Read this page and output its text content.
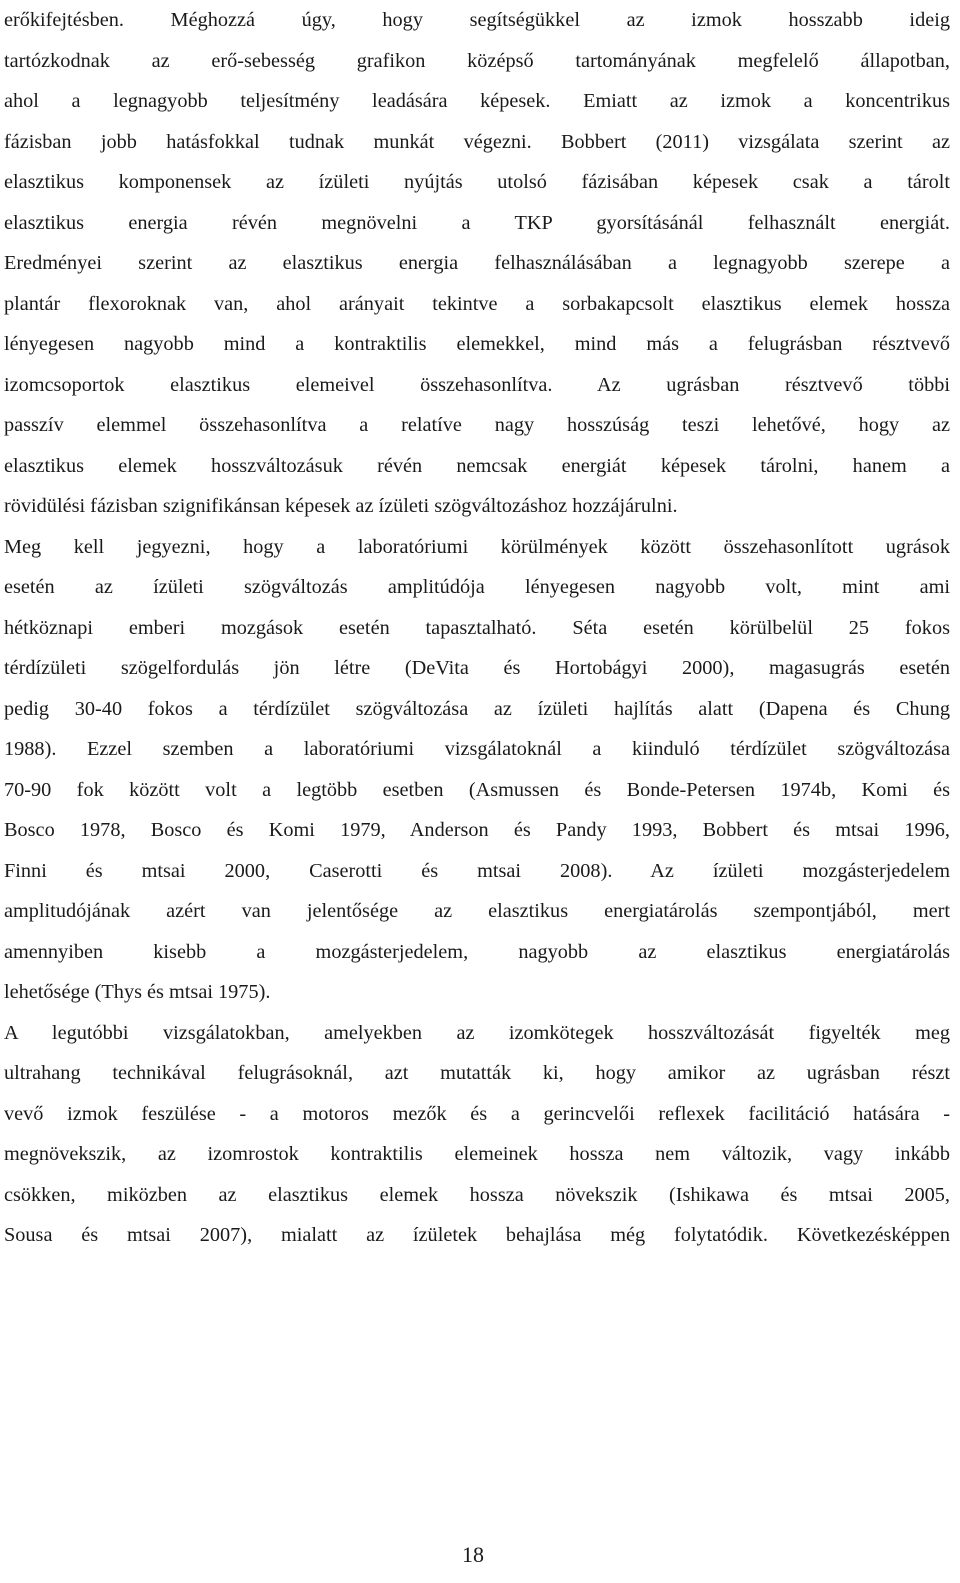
erőkifejtésben. Méghozzá úgy, hogy segítségükkel az izmok hosszabb ideig
tartózkodnak az erő-sebesség grafikon középső tartományának megfelelő állapotban,
ahol a legnagyobb teljesítmény leadására képesek. Emiatt az izmok a koncentrikus
fázisban jobb hatásfokkal tudnak munkát végezni. Bobbert (2011) vizsgálata szerint az
elasztikus komponensek az ízületi nyújtás utolsó fázisában képesek csak a tárolt
elasztikus energia révén megnövelni a TKP gyorsításánál felhasznált energiát.
Eredményei szerint az elasztikus energia felhasználásában a legnagyobb szerepe a
plantár flexoroknak van, ahol arányait tekintve a sorbakapcsolt elasztikus elemek hossza
lényegesen nagyobb mind a kontraktilis elemekkel, mind más a felugrásban résztvevő
izomcsoportok elasztikus elemeivel összehasonlítva. Az ugrásban résztvevő többi
passzív elemmel összehasonlítva a relatíve nagy hosszúság teszi lehetővé, hogy az
elasztikus elemek hosszváltozásuk révén nemcsak energiát képesek tárolni, hanem a
rövidülési fázisban szignifikánsan képesek az ízületi szögváltozáshoz hozzájárulni.
Meg kell jegyezni, hogy a laboratóriumi körülmények között összehasonlított ugrások
esetén az ízületi szögváltozás amplitúdója lényegesen nagyobb volt, mint ami
hétköznapi emberi mozgások esetén tapasztalható. Séta esetén körülbelül 25 fokos
térdízületi szögelfordulás jön létre (DeVita és Hortobágyi 2000), magasugrás esetén
pedig 30-40 fokos a térdízület szögváltozása az ízületi hajlítás alatt (Dapena és Chung
1988). Ezzel szemben a laboratóriumi vizsgálatoknál a kiinduló térdízület szögváltozása
70-90 fok között volt a legtöbb esetben (Asmussen és Bonde-Petersen 1974b, Komi és
Bosco 1978, Bosco és Komi 1979, Anderson és Pandy 1993, Bobbert és mtsai 1996,
Finni és mtsai 2000, Caserotti és mtsai 2008). Az ízületi mozgásterjedelem
amplitudójának azért van jelentősége az elasztikus energiatárolás szempontjából, mert
amennyiben kisebb a mozgásterjedelem, nagyobb az elasztikus energiatárolás
lehetősége (Thys és mtsai 1975).
A legutóbbi vizsgálatokban, amelyekben az izomkötegek hosszváltozását figyelték meg
ultrahang technikával felugrásoknál, azt mutatták ki, hogy amikor az ugrásban részt
vevő izmok feszülése - a motoros mezők és a gerincvelői reflexek facilitáció hatására -
megnövekszik, az izomrostok kontraktilis elemeinek hossza nem változik, vagy inkább
csökken, miközben az elasztikus elemek hossza növekszik (Ishikawa és mtsai 2005,
Sousa és mtsai 2007), mialatt az ízületek behajlása még folytatódik. Következésképpen
18
